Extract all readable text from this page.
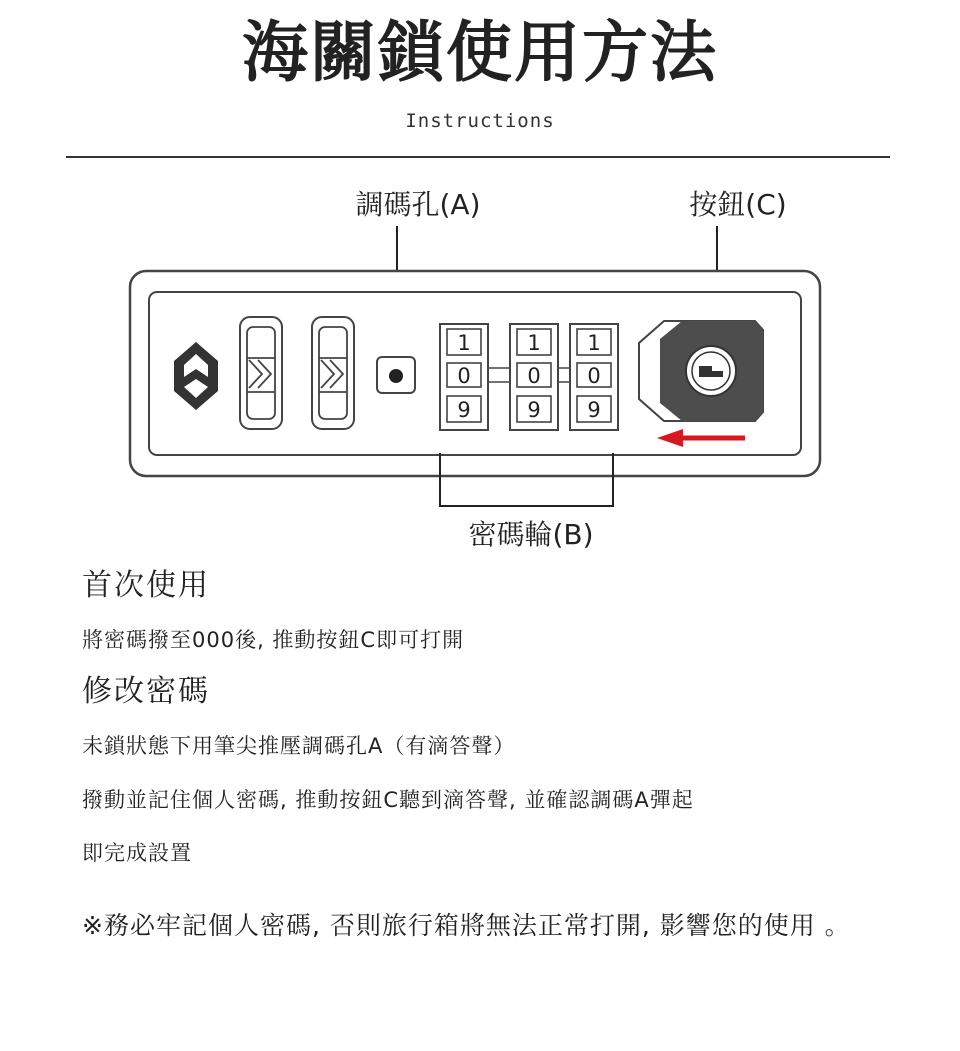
海關鎖使用方法
Instructions
調碼孔(A)	按鈕(C)
1
0
9
1
0
9
1
0
9
密碼輪(B)
首次使用
將密碼撥至000後, 推動按鈕C即可打開
修改密碼
未鎖狀態下用筆尖推壓調碼孔A（有滴答聲）
撥動並記住個人密碼, 推動按鈕C聽到滴答聲, 並確認調碼A彈起
即完成設置
※務必牢記個人密碼, 否則旅行箱將無法正常打開, 影響您的使用 。
